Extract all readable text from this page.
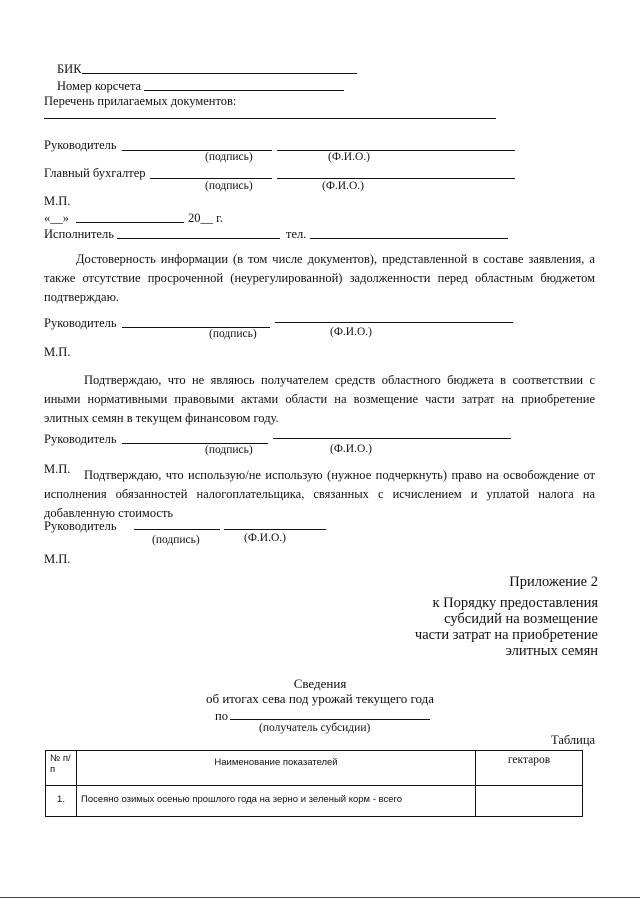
БИК
Номер корсчета
Перечень прилагаемых документов:
Руководитель
(подпись)	(Ф.И.О.)
Главный бухгалтер
(подпись)	(Ф.И.О.)
М.П.
«__»	20__ г.
Исполнитель	тел.
Достоверность информации (в том числе документов), представленной в составе заявления, а также отсутствие просроченной (неурегулированной) задолженности перед областным бюджетом подтверждаю.
Руководитель
(подпись)	(Ф.И.О.)
М.П.
Подтверждаю, что не являюсь получателем средств областного бюджета в соответствии с иными нормативными правовыми актами области на возмещение части затрат на приобретение элитных семян в текущем финансовом году.
Руководитель
(подпись)	(Ф.И.О.)
М.П.	Подтверждаю, что использую/не использую (нужное подчеркнуть) право на освобождение от исполнения обязанностей налогоплательщика, связанных с исчислением и уплатой налога на добавленную стоимость
Руководитель
(подпись)	(Ф.И.О.)
М.П.
Приложение 2
к Порядку предоставления
субсидий на возмещение
части затрат на приобретение
элитных семян
Сведения
об итогах сева под урожай текущего года
по
(получатель субсидии)
Таблица
№ п/п	Наименование показателей	гектаров
1.	Посеяно озимых осенью прошлого года на зерно и зеленый корм - всего	
